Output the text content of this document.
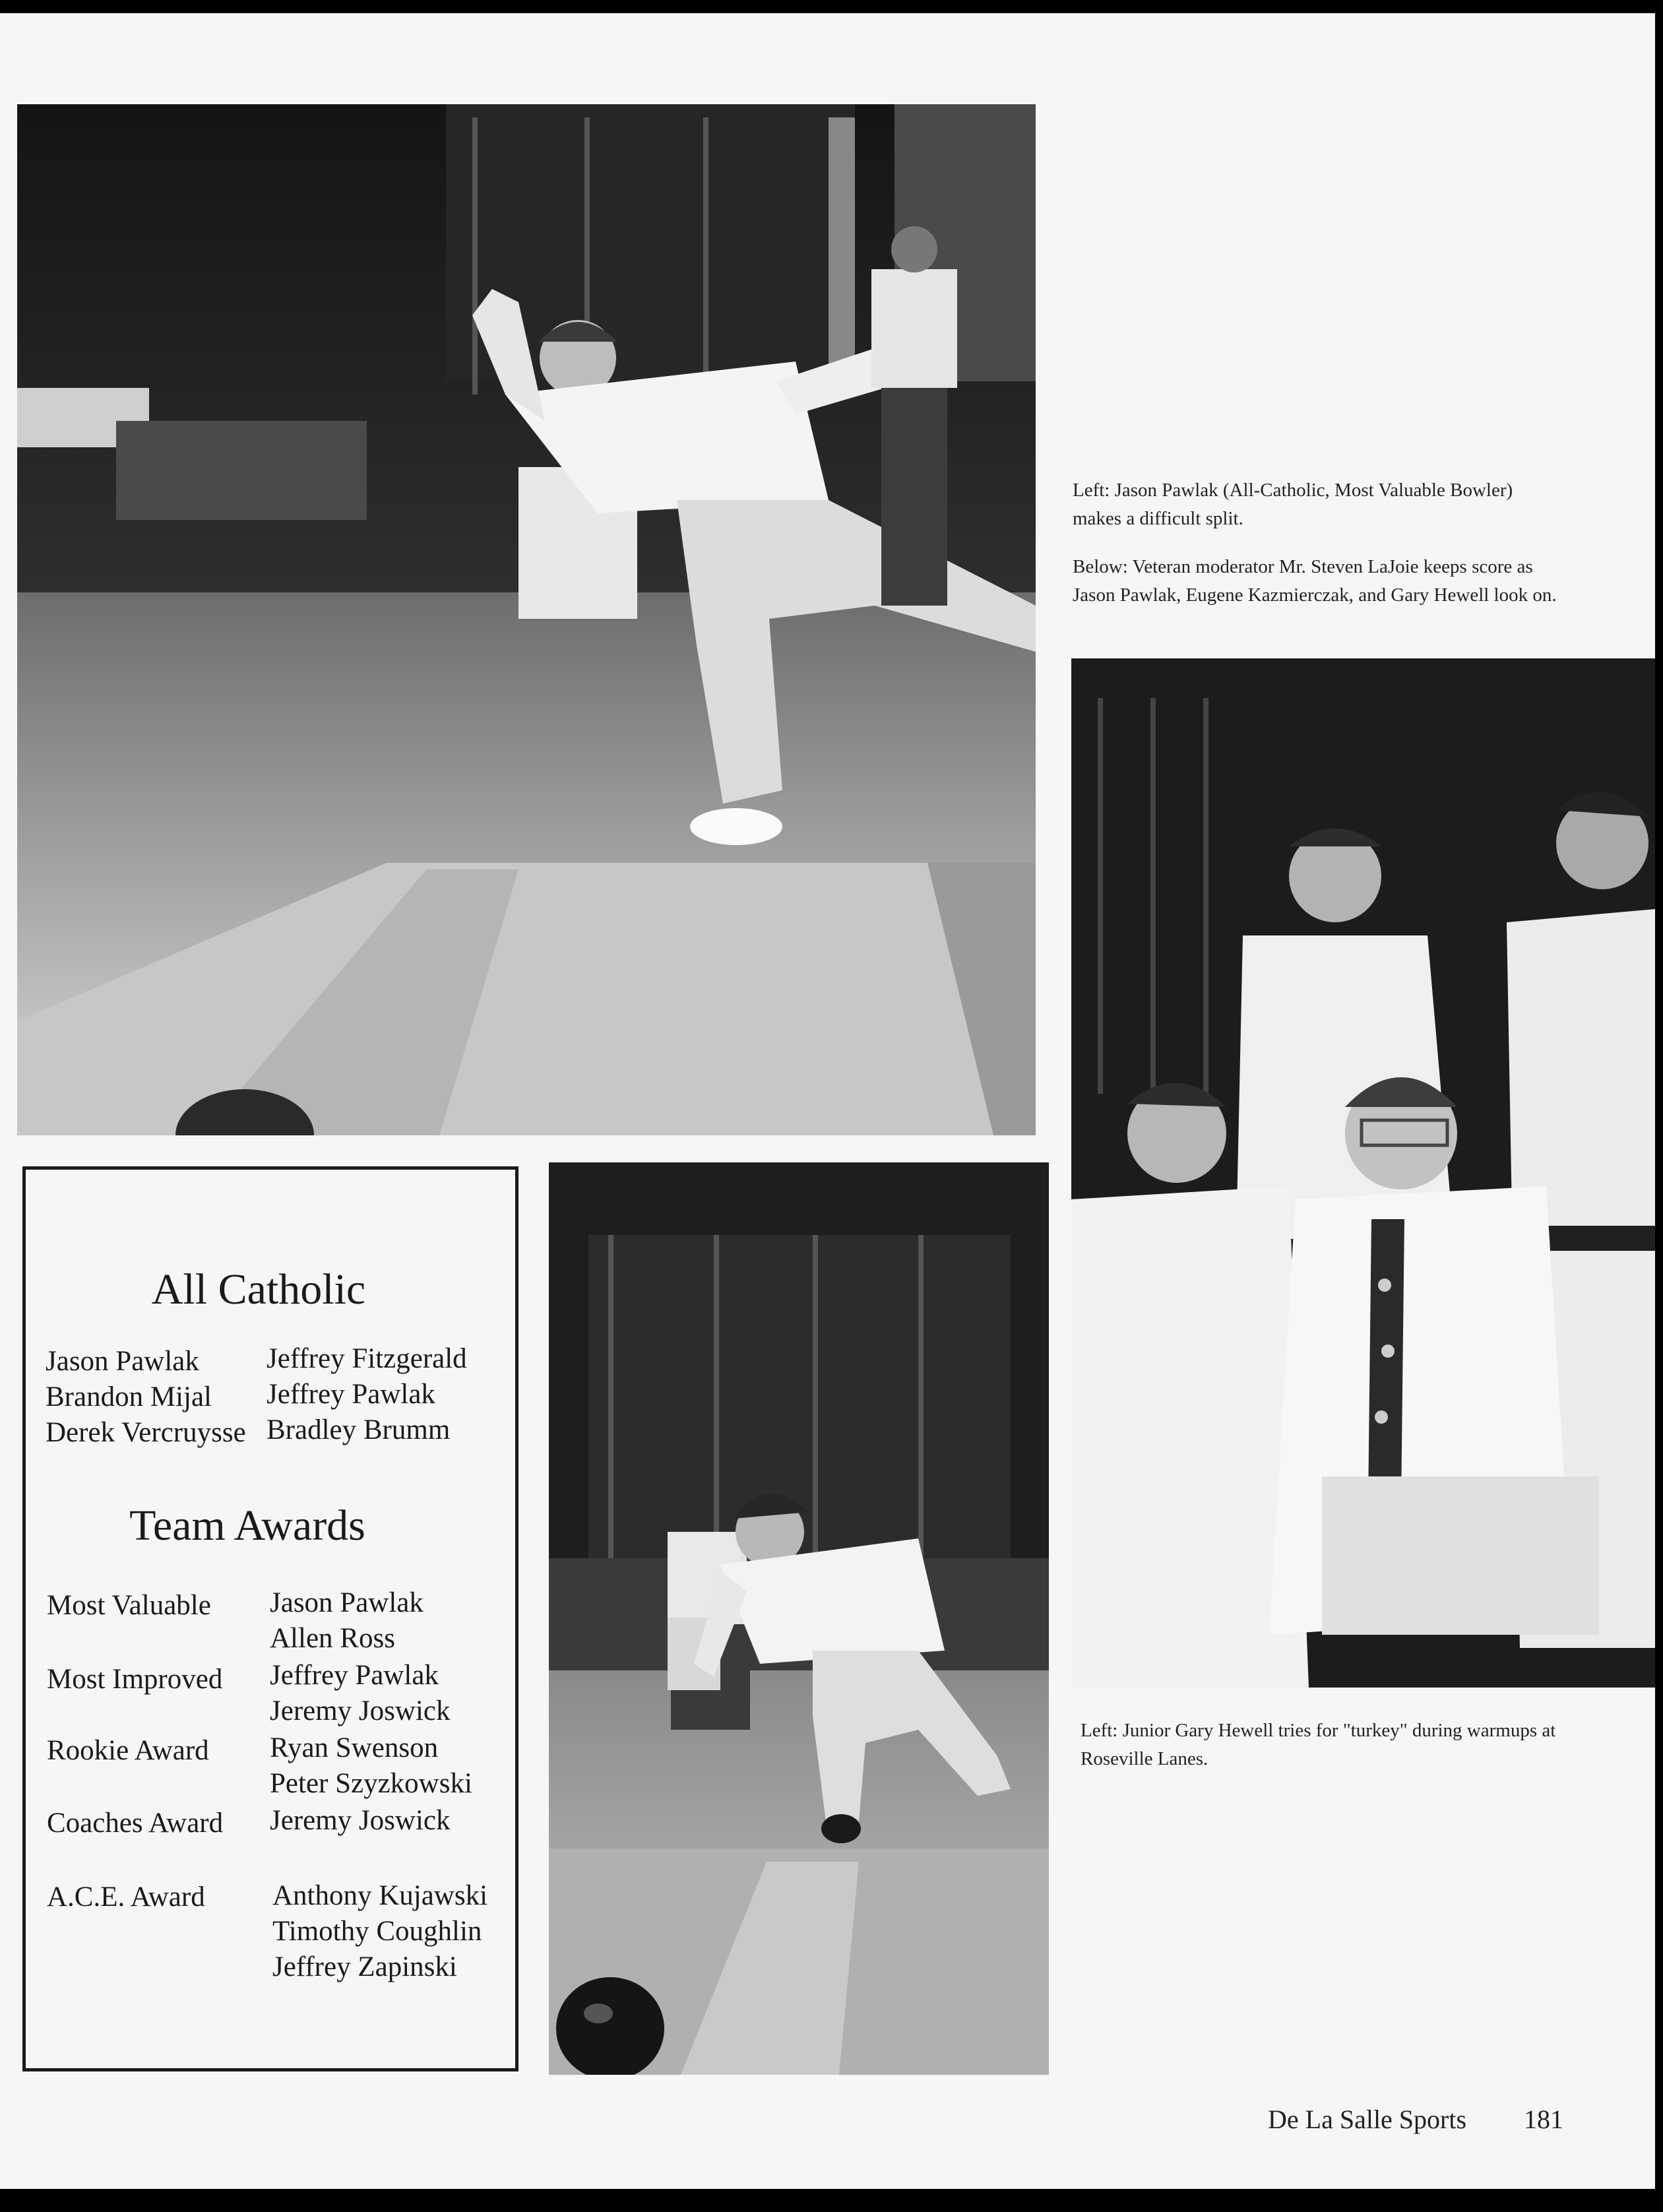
Left: Jason Pawlak (All-Catholic, Most Valuable Bowler) makes a difficult split.

Below: Veteran moderator Mr. Steven LaJoie keeps score as Jason Pawlak, Eugene Kazmierczak, and Gary Hewell look on.

All Catholic
Jason Pawlak
Brandon Mijal
Derek Vercruysse
Jeffrey Fitzgerald
Jeffrey Pawlak
Bradley Brumm
Team Awards
Most Valuable Jason Pawlak
Allen Ross
Most Improved Jeffrey Pawlak
Jeremy Joswick
Rookie Award Ryan Swenson
Peter Szyzkowski
Coaches Award Jeremy Joswick
A.C.E. Award Anthony Kujawski
Timothy Coughlin
Jeffrey Zapinski

Left: Junior Gary Hewell tries for "turkey" during warmups at Roseville Lanes.

De La Salle Sports 181
